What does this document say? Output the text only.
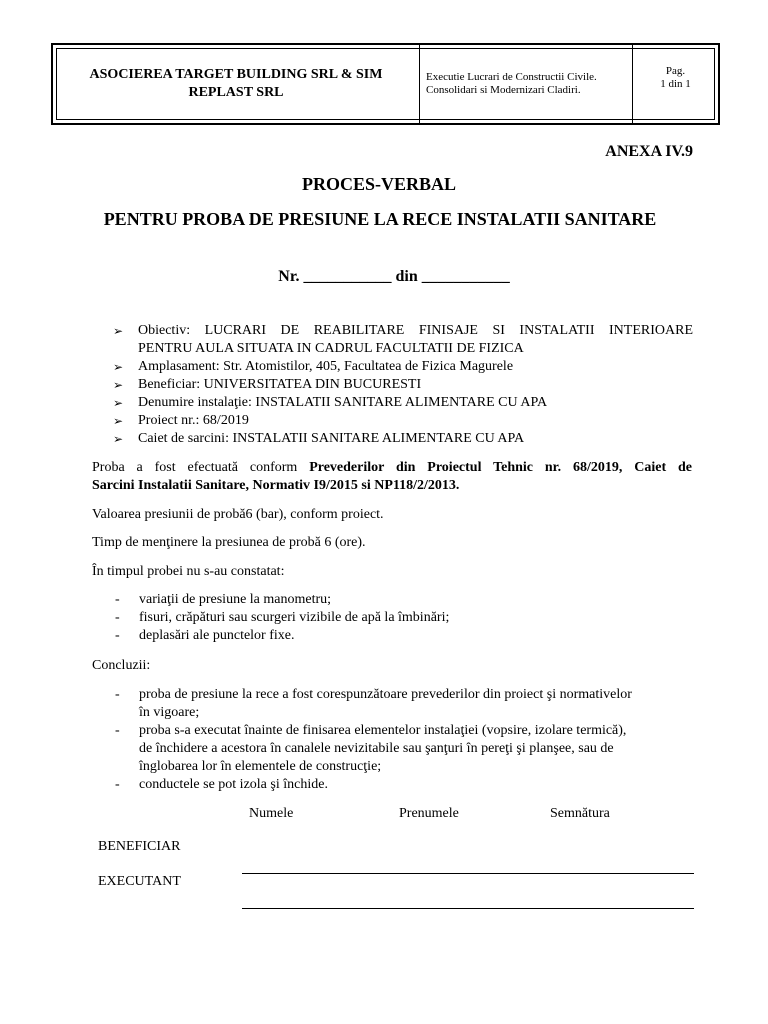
ASOCIEREA TARGET BUILDING SRL & SIM REPLAST SRL
Executie Lucrari de Constructii Civile.
Consolidari si Modernizari Cladiri.
Pag.
1 din 1
ANEXA IV.9
PROCES-VERBAL
PENTRU PROBA DE PRESIUNE LA RECE INSTALATII SANITARE
Nr. ___________ din ___________
➢ Obiectiv: LUCRARI DE REABILITARE FINISAJE SI INSTALATII INTERIOARE
PENTRU AULA SITUATA IN CADRUL FACULTATII DE FIZICA
➢ Amplasament: Str. Atomistilor, 405, Facultatea de Fizica Magurele
➢ Beneficiar: UNIVERSITATEA DIN BUCURESTI
➢ Denumire instalaţie: INSTALATII SANITARE ALIMENTARE CU APA
➢ Proiect nr.: 68/2019
➢ Caiet de sarcini: INSTALATII SANITARE ALIMENTARE CU APA
Proba a fost efectuată conform Prevederilor din Proiectul Tehnic nr. 68/2019, Caiet de
Sarcini Instalatii Sanitare, Normativ I9/2015 si NP118/2/2013.
Valoarea presiunii de probă6 (bar), conform proiect.
Timp de menţinere la presiunea de probă 6 (ore).
În timpul probei nu s-au constatat:
- variaţii de presiune la manometru;
- fisuri, crăpături sau scurgeri vizibile de apă la îmbinări;
- deplasări ale punctelor fixe.
Concluzii:
- proba de presiune la rece a fost corespunzătoare prevederilor din proiect şi normativelor
în vigoare;
- proba s-a executat înainte de finisarea elementelor instalaţiei (vopsire, izolare termică),
de închidere a acestora în canalele nevizitabile sau şanţuri în pereţi şi planşee, sau de
înglobarea lor în elementele de construcţie;
- conductele se pot izola şi închide.
Numele	Prenumele	Semnătura
BENEFICIAR
EXECUTANT
